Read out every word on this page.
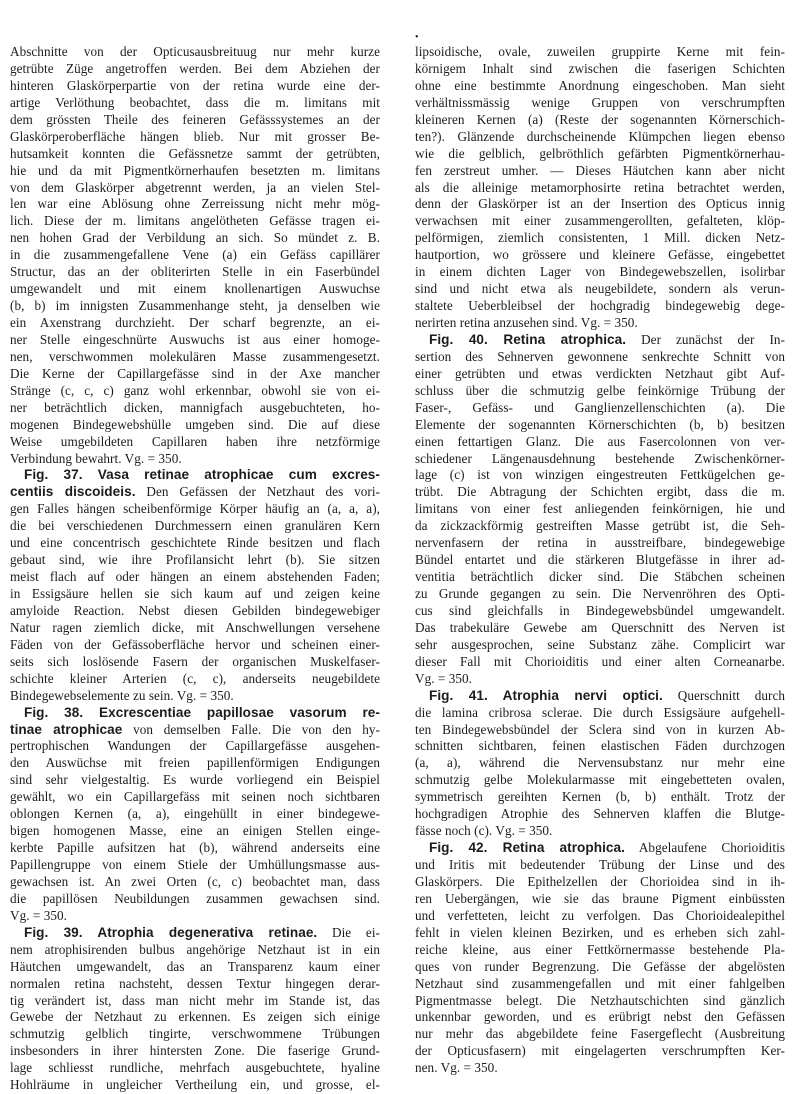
•
Abschnitte von der Opticusausbreituug nur mehr kurze
getrübte Züge angetroffen werden. Bei dem Abziehen der
hinteren Glaskörperpartie von der retina wurde eine der-
artige Verlöthung beobachtet, dass die m. limitans mit
dem grössten Theile des feineren Gefässsystemes an der
Glaskörperoberfläche hängen blieb. Nur mit grosser Be-
hutsamkeit konnten die Gefässnetze sammt der getrübten,
hie und da mit Pigmentkörnerhaufen besetzten m. limitans
von dem Glaskörper abgetrennt werden, ja an vielen Stel-
len war eine Ablösung ohne Zerreissung nicht mehr mög-
lich. Diese der m. limitans angelötheten Gefässe tragen ei-
nen hohen Grad der Verbildung an sich. So mündet z. B.
in die zusammengefallene Vene (a) ein Gefäss capillärer
Structur, das an der obliterirten Stelle in ein Faserbündel
umgewandelt und mit einem knollenartigen Auswuchse
(b, b) im innigsten Zusammenhange steht, ja denselben wie
ein Axenstrang durchzieht. Der scharf begrenzte, an ei-
ner Stelle eingeschnürte Auswuchs ist aus einer homoge-
nen, verschwommen molekulären Masse zusammengesetzt.
Die Kerne der Capillargefässe sind in der Axe mancher
Stränge (c, c, c) ganz wohl erkennbar, obwohl sie von ei-
ner beträchtlich dicken, mannigfach ausgebuchteten, ho-
mogenen Bindegewebshülle umgeben sind. Die auf diese
Weise umgebildeten Capillaren haben ihre netzförmige
Verbindung bewahrt. Vg. = 350.
Fig. 37. Vasa retinae atrophicae cum excres-
centiis discoideis. Den Gefässen der Netzhaut des vori-
gen Falles hängen scheibenförmige Körper häufig an (a, a, a),
die bei verschiedenen Durchmessern einen granulären Kern
und eine concentrisch geschichtete Rinde besitzen und flach
gebaut sind, wie ihre Profilansicht lehrt (b). Sie sitzen
meist flach auf oder hängen an einem abstehenden Faden;
in Essigsäure hellen sie sich kaum auf und zeigen keine
amyloide Reaction. Nebst diesen Gebilden bindegewebiger
Natur ragen ziemlich dicke, mit Anschwellungen versehene
Fäden von der Gefässoberfläche hervor und scheinen einer-
seits sich loslösende Fasern der organischen Muskelfaser-
schichte kleiner Arterien (c, c), anderseits neugebildete
Bindegewebselemente zu sein. Vg. = 350.
Fig. 38. Excrescentiae papillosae vasorum re-
tinae atrophicae von demselben Falle. Die von den hy-
pertrophischen Wandungen der Capillargefässe ausgehen-
den Auswüchse mit freien papillenförmigen Endigungen
sind sehr vielgestaltig. Es wurde vorliegend ein Beispiel
gewählt, wo ein Capillargefäss mit seinen noch sichtbaren
oblongen Kernen (a, a), eingehüllt in einer bindegewe-
bigen homogenen Masse, eine an einigen Stellen einge-
kerbte Papille aufsitzen hat (b), während anderseits eine
Papillengruppe von einem Stiele der Umhüllungsmasse aus-
gewachsen ist. An zwei Orten (c, c) beobachtet man, dass
die papillösen Neubildungen zusammen gewachsen sind.
Vg. = 350.
Fig. 39. Atrophia degenerativa retinae. Die ei-
nem atrophisirenden bulbus angehörige Netzhaut ist in ein
Häutchen umgewandelt, das an Transparenz kaum einer
normalen retina nachsteht, dessen Textur hingegen derar-
tig verändert ist, dass man nicht mehr im Stande ist, das
Gewebe der Netzhaut zu erkennen. Es zeigen sich einige
schmutzig gelblich tingirte, verschwommene Trübungen
insbesonders in ihrer hintersten Zone. Die faserige Grund-
lage schliesst rundliche, mehrfach ausgebuchtete, hyaline
Hohlräume in ungleicher Vertheilung ein, und grosse, el-
lipsoidische, ovale, zuweilen gruppirte Kerne mit fein-
körnigem Inhalt sind zwischen die faserigen Schichten
ohne eine bestimmte Anordnung eingeschoben. Man sieht
verhältnissmässig wenige Gruppen von verschrumpften
kleineren Kernen (a) (Reste der sogenannten Körnerschich-
ten?). Glänzende durchscheinende Klümpchen liegen ebenso
wie die gelblich, gelbröthlich gefärbten Pigmentkörnerhau-
fen zerstreut umher. — Dieses Häutchen kann aber nicht
als die alleinige metamorphosirte retina betrachtet werden,
denn der Glaskörper ist an der Insertion des Opticus innig
verwachsen mit einer zusammengerollten, gefalteten, klöp-
pelförmigen, ziemlich consistenten, 1 Mill. dicken Netz-
hautportion, wo grössere und kleinere Gefässe, eingebettet
in einem dichten Lager von Bindegewebszellen, isolirbar
sind und nicht etwa als neugebildete, sondern als verun-
staltete Ueberbleibsel der hochgradig bindegewebig dege-
nerirten retina anzusehen sind. Vg. = 350.
Fig. 40. Retina atrophica. Der zunächst der In-
sertion des Sehnerven gewonnene senkrechte Schnitt von
einer getrübten und etwas verdickten Netzhaut gibt Auf-
schluss über die schmutzig gelbe feinkörnige Trübung der
Faser-, Gefäss- und Ganglienzellenschichten (a). Die
Elemente der sogenannten Körnerschichten (b, b) besitzen
einen fettartigen Glanz. Die aus Fasercolonnen von ver-
schiedener Längenausdehnung bestehende Zwischenkörner-
lage (c) ist von winzigen eingestreuten Fettkügelchen ge-
trübt. Die Abtragung der Schichten ergibt, dass die m.
limitans von einer fest anliegenden feinkörnigen, hie und
da zickzackförmig gestreiften Masse getrübt ist, die Seh-
nervenfasern der retina in ausstreifbare, bindegewebige
Bündel entartet und die stärkeren Blutgefässe in ihrer ad-
ventitia beträchtlich dicker sind. Die Stäbchen scheinen
zu Grunde gegangen zu sein. Die Nervenröhren des Opti-
cus sind gleichfalls in Bindegewebsbündel umgewandelt.
Das trabekuläre Gewebe am Querschnitt des Nerven ist
sehr ausgesprochen, seine Substanz zähe. Complicirt war
dieser Fall mit Chorioiditis und einer alten Corneanarbe.
Vg. = 350.
Fig. 41. Atrophia nervi optici. Querschnitt durch
die lamina cribrosa sclerae. Die durch Essigsäure aufgehell-
ten Bindegewebsbündel der Sclera sind von in kurzen Ab-
schnitten sichtbaren, feinen elastischen Fäden durchzogen
(a, a), während die Nervensubstanz nur mehr eine
schmutzig gelbe Molekularmasse mit eingebetteten ovalen,
symmetrisch gereihten Kernen (b, b) enthält. Trotz der
hochgradigen Atrophie des Sehnerven klaffen die Blutge-
fässe noch (c). Vg. = 350.
Fig. 42. Retina atrophica. Abgelaufene Chorioiditis
und Iritis mit bedeutender Trübung der Linse und des
Glaskörpers. Die Epithelzellen der Chorioidea sind in ih-
ren Uebergängen, wie sie das braune Pigment einbüssten
und verfetteten, leicht zu verfolgen. Das Chorioidealepithel
fehlt in vielen kleinen Bezirken, und es erheben sich zahl-
reiche kleine, aus einer Fettkörnermasse bestehende Pla-
ques von runder Begrenzung. Die Gefässe der abgelösten
Netzhaut sind zusammengefallen und mit einer fahlgelben
Pigmentmasse belegt. Die Netzhautschichten sind gänzlich
unkennbar geworden, und es erübrigt nebst den Gefässen
nur mehr das abgebildete feine Fasergeflecht (Ausbreitung
der Opticusfasern) mit eingelagerten verschrumpften Ker-
nen. Vg. = 350.
